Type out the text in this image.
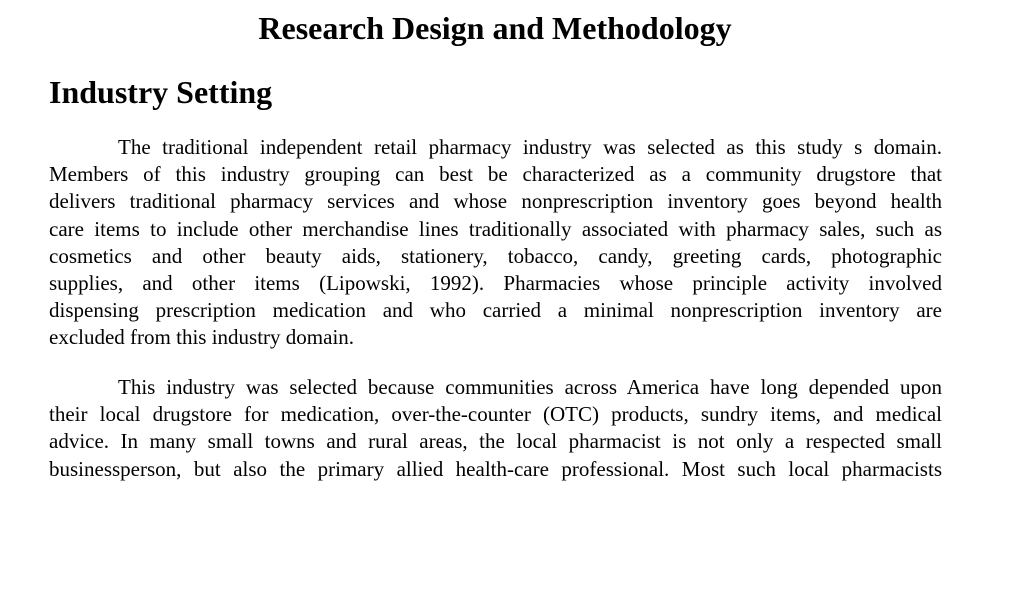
Research Design and Methodology
Industry Setting

The traditional independent retail pharmacy industry was selected as this study s domain.
Members of this industry grouping can best be characterized as a community drugstore that
delivers traditional pharmacy services and whose nonprescription inventory goes beyond health
care items to include other merchandise lines traditionally associated with pharmacy sales, such as
cosmetics and other beauty aids, stationery, tobacco, candy, greeting cards, photographic
supplies, and other items (Lipowski, 1992). Pharmacies whose principle activity involved
dispensing prescription medication and who carried a minimal nonprescription inventory are
excluded from this industry domain.

This industry was selected because communities across America have long depended upon
their local drugstore for medication, over-the-counter (OTC) products, sundry items, and medical
advice. In many small towns and rural areas, the local pharmacist is not only a respected small
businessperson, but also the primary allied health-care professional. Most such local pharmacists
